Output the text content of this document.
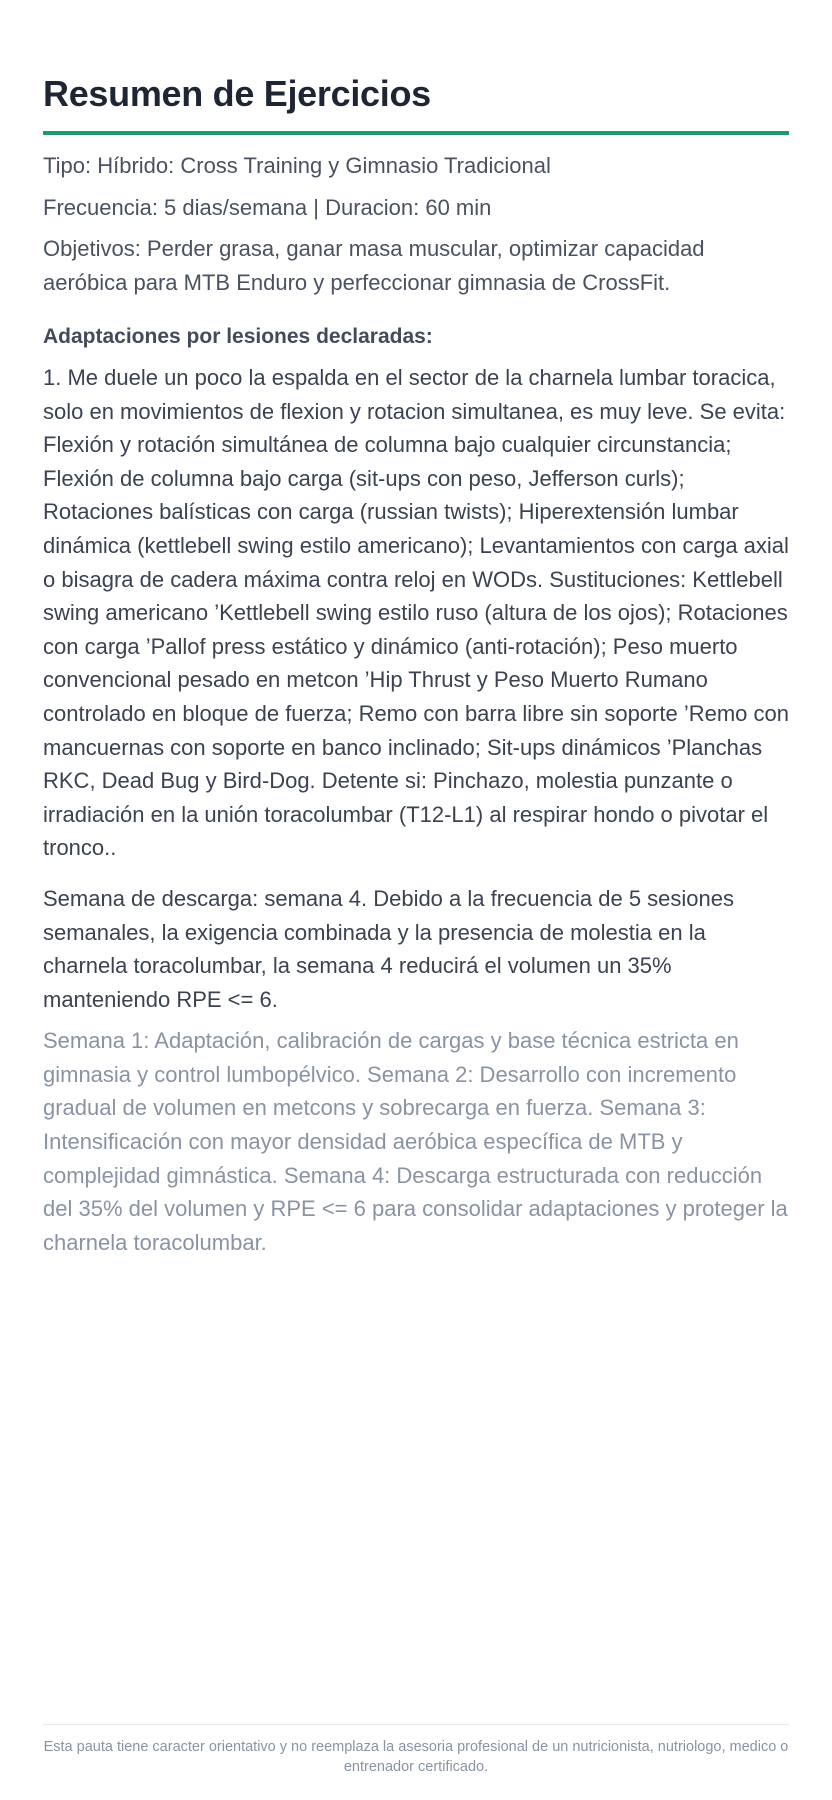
Resumen de Ejercicios

Tipo: Híbrido: Cross Training y Gimnasio Tradicional

Frecuencia: 5 dias/semana | Duracion: 60 min

Objetivos: Perder grasa, ganar masa muscular, optimizar capacidad aeróbica para MTB Enduro y perfeccionar gimnasia de CrossFit.

Adaptaciones por lesiones declaradas:

1. Me duele un poco la espalda en el sector de la charnela lumbar toracica, solo en movimientos de flexion y rotacion simultanea, es muy leve. Se evita: Flexión y rotación simultánea de columna bajo cualquier circunstancia; Flexión de columna bajo carga (sit-ups con peso, Jefferson curls); Rotaciones balísticas con carga (russian twists); Hiperextensión lumbar dinámica (kettlebell swing estilo americano); Levantamientos con carga axial o bisagra de cadera máxima contra reloj en WODs. Sustituciones: Kettlebell swing americano ’Kettlebell swing estilo ruso (altura de los ojos); Rotaciones con carga ’Pallof press estático y dinámico (anti-rotación); Peso muerto convencional pesado en metcon ’Hip Thrust y Peso Muerto Rumano controlado en bloque de fuerza; Remo con barra libre sin soporte ’Remo con mancuernas con soporte en banco inclinado; Sit-ups dinámicos ’Planchas RKC, Dead Bug y Bird-Dog. Detente si: Pinchazo, molestia punzante o irradiación en la unión toracolumbar (T12-L1) al respirar hondo o pivotar el tronco..

Semana de descarga: semana 4. Debido a la frecuencia de 5 sesiones semanales, la exigencia combinada y la presencia de molestia en la charnela toracolumbar, la semana 4 reducirá el volumen un 35% manteniendo RPE <= 6.

Semana 1: Adaptación, calibración de cargas y base técnica estricta en gimnasia y control lumbopélvico. Semana 2: Desarrollo con incremento gradual de volumen en metcons y sobrecarga en fuerza. Semana 3: Intensificación con mayor densidad aeróbica específica de MTB y complejidad gimnástica. Semana 4: Descarga estructurada con reducción del 35% del volumen y RPE <= 6 para consolidar adaptaciones y proteger la charnela toracolumbar.

Esta pauta tiene caracter orientativo y no reemplaza la asesoria profesional de un nutricionista, nutriologo, medico o entrenador certificado.
